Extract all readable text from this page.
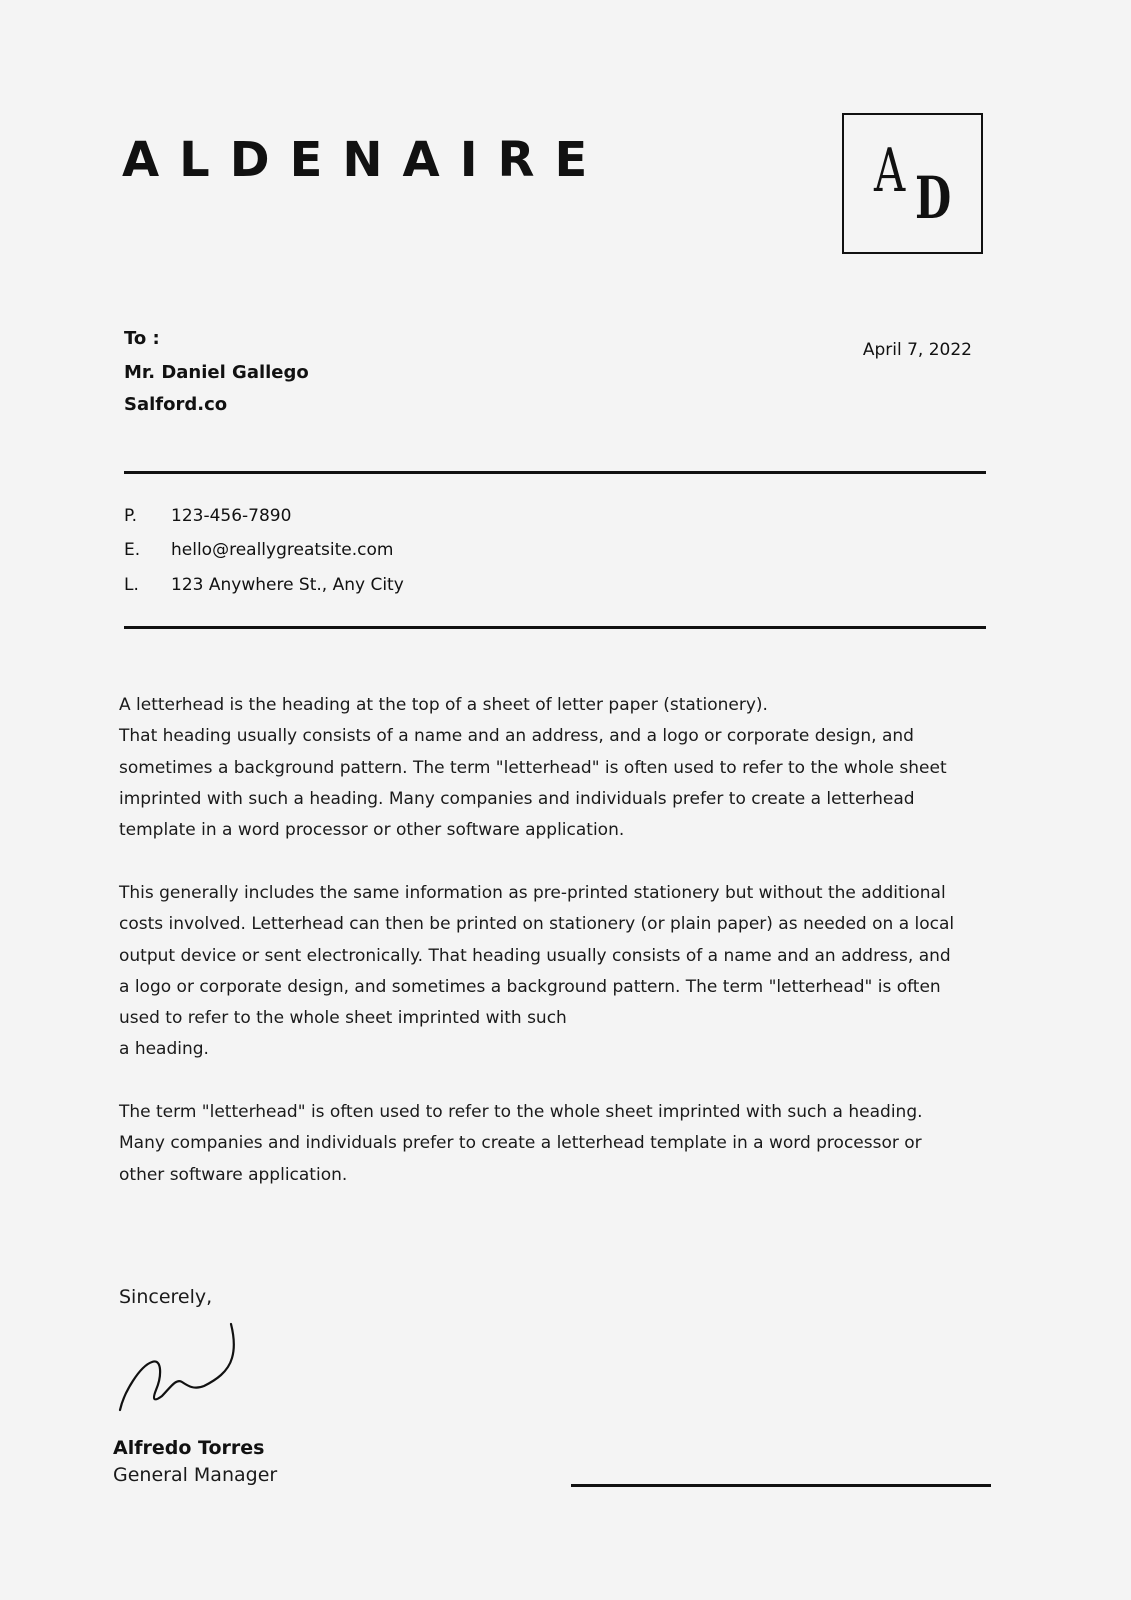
ALDENAIRE	A D
To :
Mr. Daniel Gallego
Salford.co
April 7, 2022
P. 123-456-7890
E. hello@reallygreatsite.com
L. 123 Anywhere St., Any City
A letterhead is the heading at the top of a sheet of letter paper (stationery).
That heading usually consists of a name and an address, and a logo or corporate design, and
sometimes a background pattern. The term "letterhead" is often used to refer to the whole sheet
imprinted with such a heading. Many companies and individuals prefer to create a letterhead
template in a word processor or other software application.
This generally includes the same information as pre-printed stationery but without the additional
costs involved. Letterhead can then be printed on stationery (or plain paper) as needed on a local
output device or sent electronically. That heading usually consists of a name and an address, and
a logo or corporate design, and sometimes a background pattern. The term "letterhead" is often
used to refer to the whole sheet imprinted with such
a heading.
The term "letterhead" is often used to refer to the whole sheet imprinted with such a heading.
Many companies and individuals prefer to create a letterhead template in a word processor or
other software application.
Sincerely,
Alfredo Torres
General Manager
